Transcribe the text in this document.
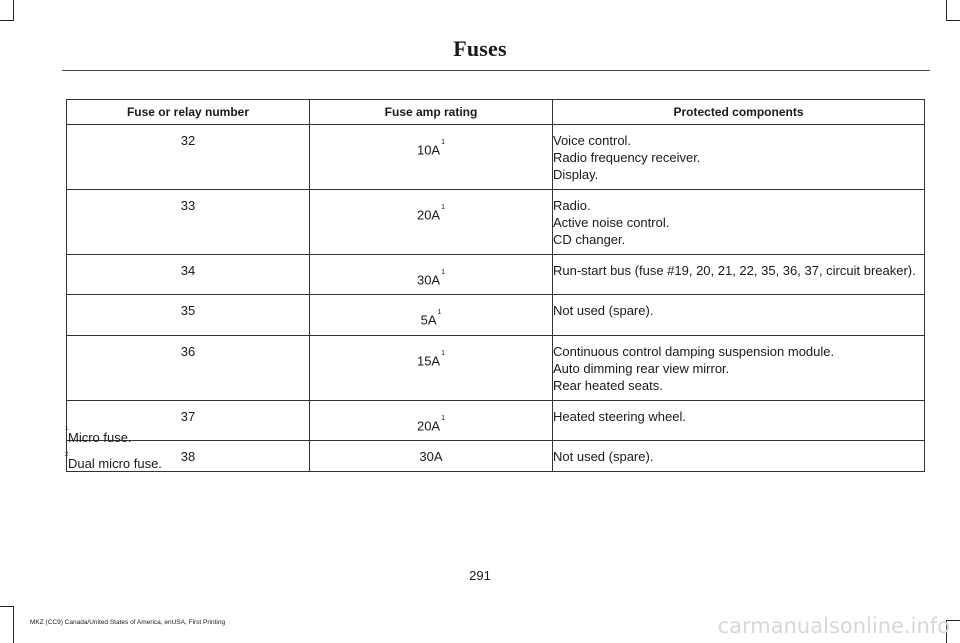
Fuses
Fuse or relay number	Fuse amp rating	Protected components
32	$10A^1$	Voice control.
Radio frequency receiver.
Display.

33	$20A^1$	Radio.
Active noise control.
CD changer.

34	$30A^1$	Run-start bus (fuse #19, 20, 21, 22, 35, 36, 37, circuit breaker).

35	$5A^1$	Not used (spare).

36	$15A^1$	Continuous control damping suspension module.
Auto dimming rear view mirror.
Rear heated seats.

37	$20A^1$	Heated steering wheel.

38	30A	Not used (spare).
1
Micro fuse.
2
Dual micro fuse.
291
MKZ (CC9) Canada/United States of America, enUSA, First Printing	carmanualsonline.info
